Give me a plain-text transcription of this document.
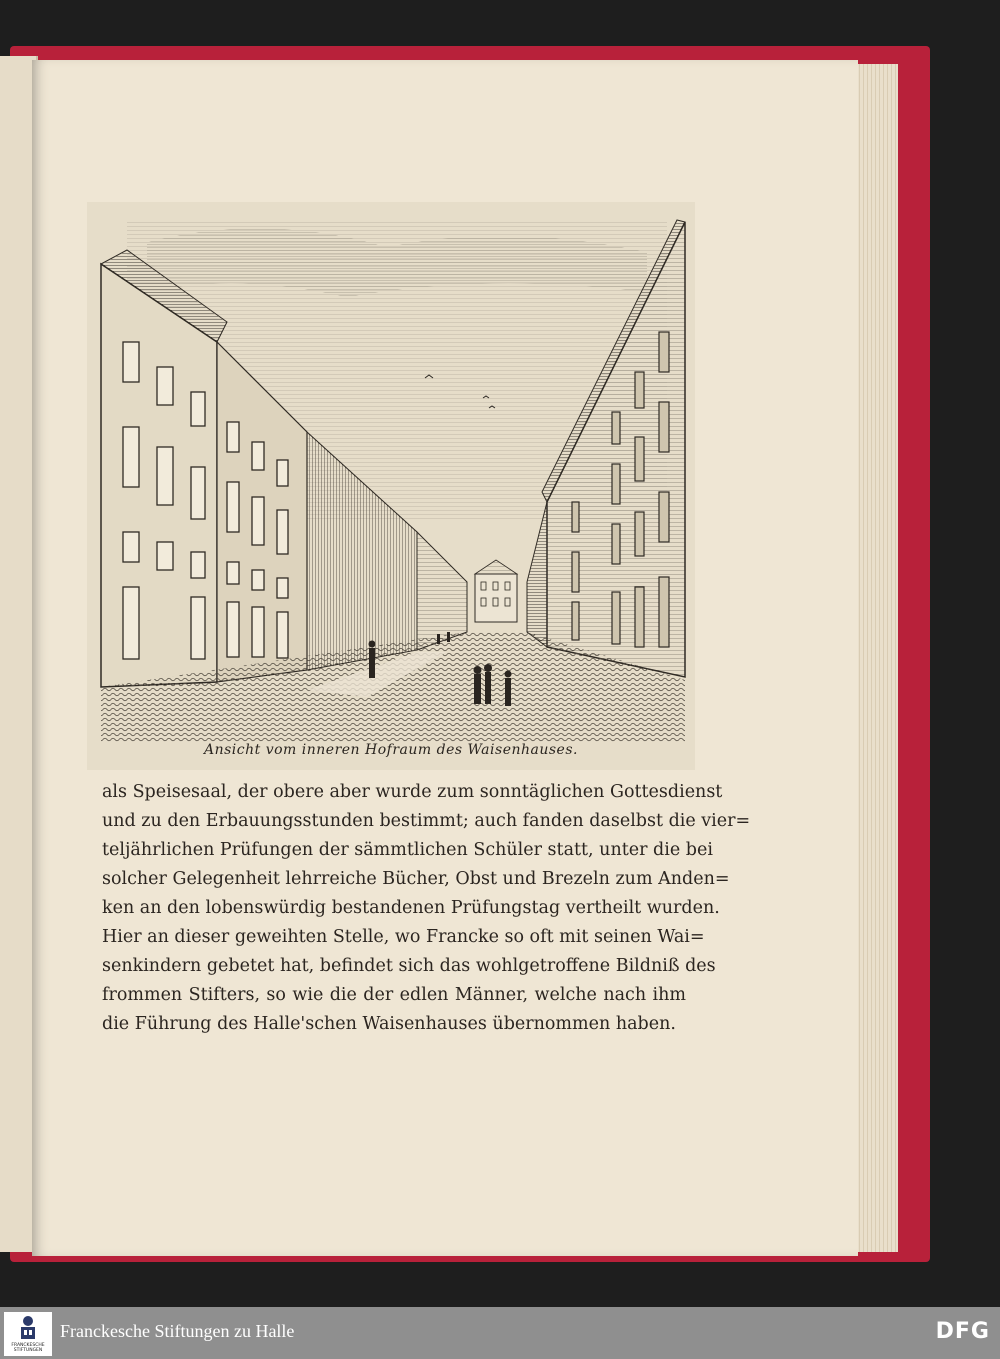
Ansicht vom inneren Hofraum des Waisenhauses.
als Speisesaal, der obere aber wurde zum sonntäglichen Gottesdienst
und zu den Erbauungsstunden bestimmt; auch fanden daselbst die vier=
teljährlichen Prüfungen der sämmtlichen Schüler statt, unter die bei
solcher Gelegenheit lehrreiche Bücher, Obst und Brezeln zum Anden=
ken an den lobenswürdig bestandenen Prüfungstag vertheilt wurden.
Hier an dieser geweihten Stelle, wo Francke so oft mit seinen Wai=
senkindern gebetet hat, befindet sich das wohlgetroffene Bildniß des
frommen Stifters, so wie die der edlen Männer, welche nach ihm
die Führung des Halle'schen Waisenhauses übernommen haben.
FRANCKESCHE STIFTUNGEN
Franckesche Stiftungen zu Halle	DFG
